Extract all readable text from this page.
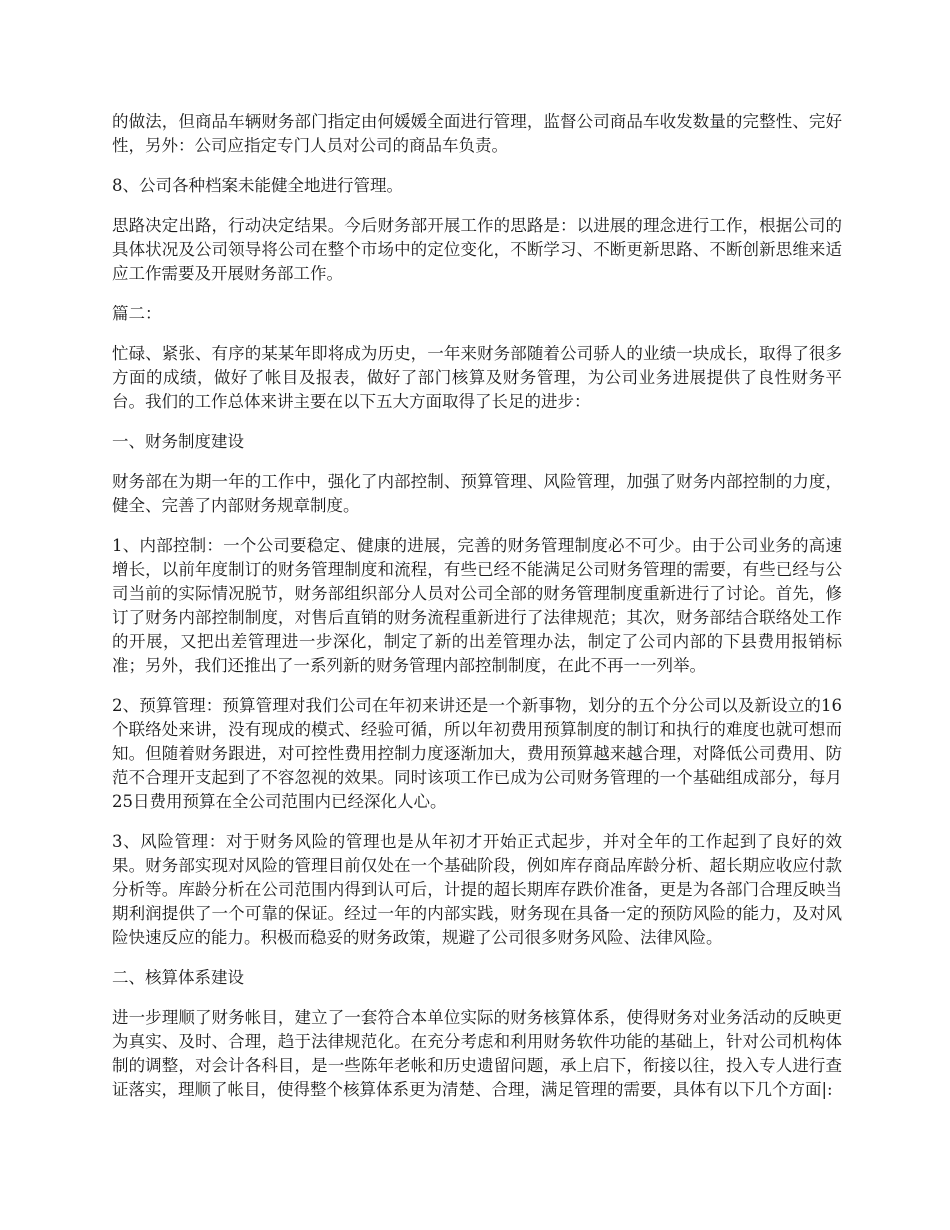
的做法，但商品车辆财务部门指定由何媛媛全面进行管理，监督公司商品车收发数量的完整性、完好性，另外：公司应指定专门人员对公司的商品车负责。

8、公司各种档案未能健全地进行管理。

思路决定出路，行动决定结果。今后财务部开展工作的思路是：以进展的理念进行工作，根据公司的具体状况及公司领导将公司在整个市场中的定位变化，不断学习、不断更新思路、不断创新思维来适应工作需要及开展财务部工作。

篇二：

忙碌、紧张、有序的某某年即将成为历史，一年来财务部随着公司骄人的业绩一块成长，取得了很多方面的成绩，做好了帐目及报表，做好了部门核算及财务管理，为公司业务进展提供了良性财务平台。我们的工作总体来讲主要在以下五大方面取得了长足的进步：

一、财务制度建设

财务部在为期一年的工作中，强化了内部控制、预算管理、风险管理，加强了财务内部控制的力度，健全、完善了内部财务规章制度。

1、内部控制：一个公司要稳定、健康的进展，完善的财务管理制度必不可少。由于公司业务的高速增长，以前年度制订的财务管理制度和流程，有些已经不能满足公司财务管理的需要，有些已经与公司当前的实际情况脱节，财务部组织部分人员对公司全部的财务管理制度重新进行了讨论。首先，修订了财务内部控制制度，对售后直销的财务流程重新进行了法律规范；其次，财务部结合联络处工作的开展，又把出差管理进一步深化，制定了新的出差管理办法，制定了公司内部的下县费用报销标准；另外，我们还推出了一系列新的财务管理内部控制制度，在此不再一一列举。

2、预算管理：预算管理对我们公司在年初来讲还是一个新事物，划分的五个分公司以及新设立的16个联络处来讲，没有现成的模式、经验可循，所以年初费用预算制度的制订和执行的难度也就可想而知。但随着财务跟进，对可控性费用控制力度逐渐加大，费用预算越来越合理，对降低公司费用、防范不合理开支起到了不容忽视的效果。同时该项工作已成为公司财务管理的一个基础组成部分，每月25日费用预算在全公司范围内已经深化人心。

3、风险管理：对于财务风险的管理也是从年初才开始正式起步，并对全年的工作起到了良好的效果。财务部实现对风险的管理目前仅处在一个基础阶段，例如库存商品库龄分析、超长期应收应付款分析等。库龄分析在公司范围内得到认可后，计提的超长期库存跌价准备，更是为各部门合理反映当期利润提供了一个可靠的保证。经过一年的内部实践，财务现在具备一定的预防风险的能力，及对风险快速反应的能力。积极而稳妥的财务政策，规避了公司很多财务风险、法律风险。

二、核算体系建设

进一步理顺了财务帐目，建立了一套符合本单位实际的财务核算体系，使得财务对业务活动的反映更为真实、及时、合理，趋于法律规范化。在充分考虑和利用财务软件功能的基础上，针对公司机构体制的调整，对会计各科目，是一些陈年老帐和历史遗留问题，承上启下，衔接以往，投入专人进行查证落实，理顺了帐目，使得整个核算体系更为清楚、合理，满足管理的需要，具体有以下几个方面|:
